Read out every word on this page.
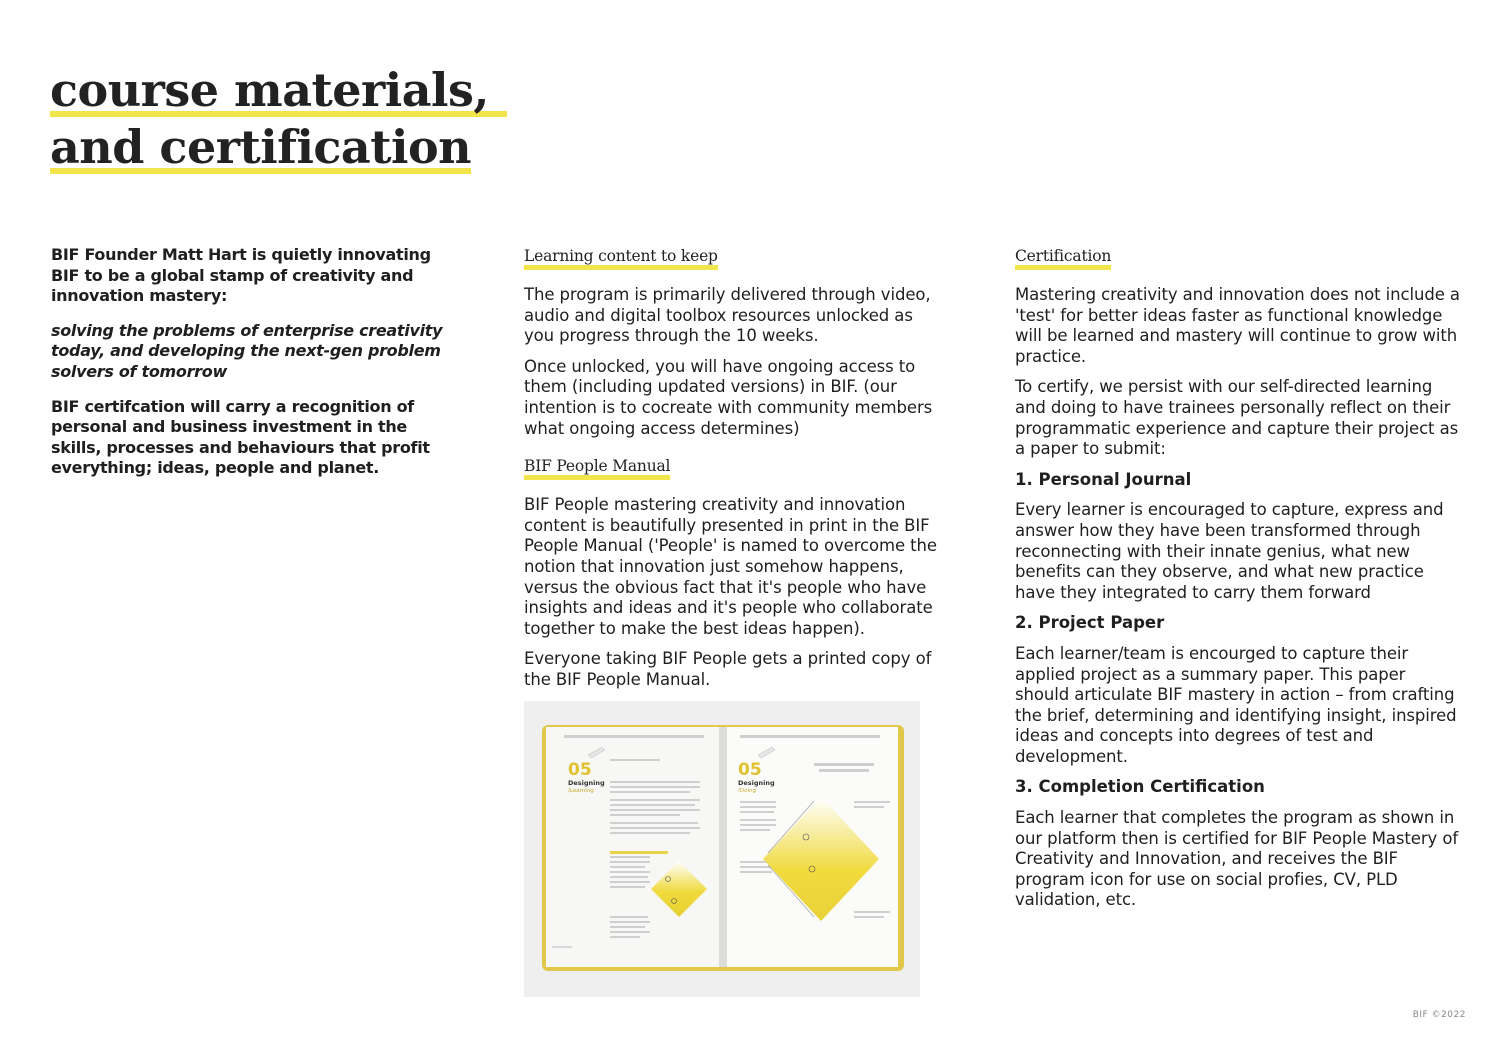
course materials,
and certification

BIF Founder Matt Hart is quietly innovating BIF to be a global stamp of creativity and innovation mastery:

solving the problems of enterprise creativity today, and developing the next-gen problem solvers of tomorrow

BIF certifcation will carry a recognition of personal and business investment in the skills, processes and behaviours that profit everything; ideas, people and planet.

Learning content to keep

The program is primarily delivered through video, audio and digital toolbox resources unlocked as you progress through the 10 weeks.

Once unlocked, you will have ongoing access to them (including updated versions) in BIF. (our intention is to cocreate with community members what ongoing access determines)

BIF People Manual

BIF People mastering creativity and innovation content is beautifully presented in print in the BIF People Manual ('People' is named to overcome the notion that innovation just somehow happens, versus the obvious fact that it's people who have insights and ideas and it's people who collaborate together to make the best ideas happen).

Everyone taking BIF People gets a printed copy of the BIF People Manual.

05
Designing
/Learning
05
Designing
/Doing
Certification

Mastering creativity and innovation does not include a 'test' for better ideas faster as functional knowledge will be learned and mastery will continue to grow with practice.

To certify, we persist with our self-directed learning and doing to have trainees personally reflect on their programmatic experience and capture their project as a paper to submit:

1. Personal Journal

Every learner is encouraged to capture, express and answer how they have been transformed through reconnecting with their innate genius, what new benefits can they observe, and what new practice have they integrated to carry them forward

2. Project Paper

Each learner/team is encourged to capture their applied project as a summary paper. This paper should articulate BIF mastery in action – from crafting the brief, determining and identifying insight, inspired ideas and concepts into degrees of test and development.

3. Completion Certification

Each learner that completes the program as shown in our platform then is certified for BIF People Mastery of Creativity and Innovation, and receives the BIF program icon for use on social profies, CV, PLD validation, etc.

BIF ©2022
